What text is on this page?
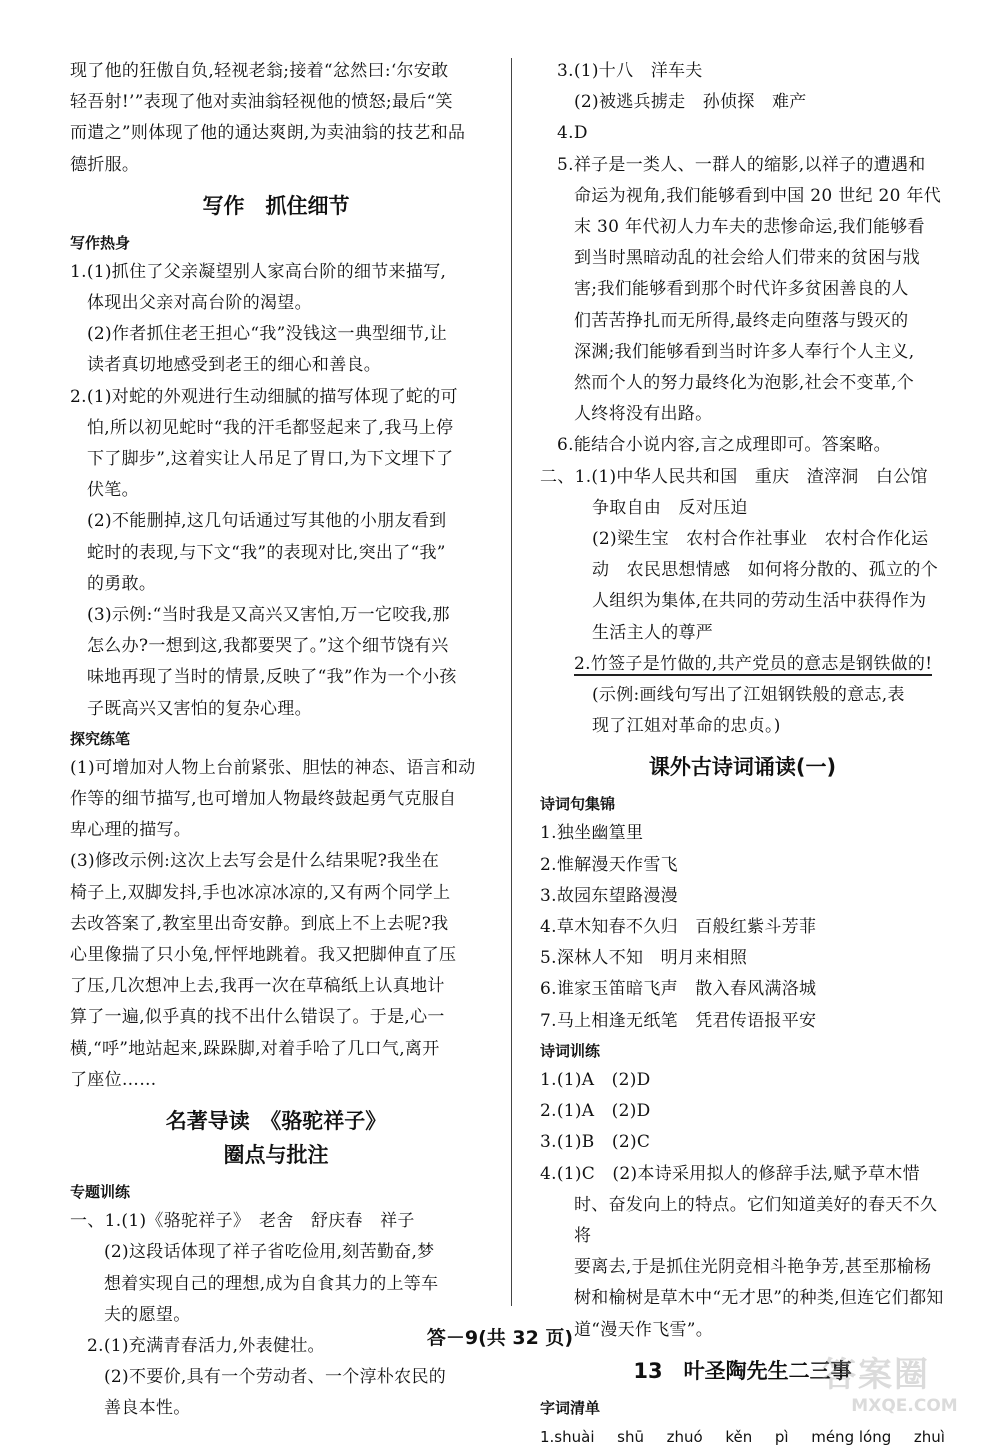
现了他的狂傲自负,轻视老翁;接着“忿然曰:‘尔安敢

轻吾射!’”表现了他对卖油翁轻视他的愤怒;最后“笑

而遣之”则体现了他的通达爽朗,为卖油翁的技艺和品

德折服。

写作　抓住细节
写作热身

1.(1)抓住了父亲凝望别人家高台阶的细节来描写,

体现出父亲对高台阶的渴望。

(2)作者抓住老王担心“我”没钱这一典型细节,让

读者真切地感受到老王的细心和善良。

2.(1)对蛇的外观进行生动细腻的描写体现了蛇的可

怕,所以初见蛇时“我的汗毛都竖起来了,我马上停

下了脚步”,这着实让人吊足了胃口,为下文埋下了

伏笔。

(2)不能删掉,这几句话通过写其他的小朋友看到

蛇时的表现,与下文“我”的表现对比,突出了“我”

的勇敢。

(3)示例:“当时我是又高兴又害怕,万一它咬我,那

怎么办?一想到这,我都要哭了。”这个细节饶有兴

味地再现了当时的情景,反映了“我”作为一个小孩

子既高兴又害怕的复杂心理。

探究练笔

(1)可增加对人物上台前紧张、胆怯的神态、语言和动

作等的细节描写,也可增加人物最终鼓起勇气克服自

卑心理的描写。

(3)修改示例:这次上去写会是什么结果呢?我坐在

椅子上,双脚发抖,手也冰凉冰凉的,又有两个同学上

去改答案了,教室里出奇安静。到底上不上去呢?我

心里像揣了只小兔,怦怦地跳着。我又把脚伸直了压

了压,几次想冲上去,我再一次在草稿纸上认真地计

算了一遍,似乎真的找不出什么错误了。于是,心一

横,“呼”地站起来,跺跺脚,对着手哈了几口气,离开

了座位……

名著导读　《骆驼祥子》
圈点与批注
专题训练

一、1.(1)《骆驼祥子》　老舍　舒庆春　祥子

(2)这段话体现了祥子省吃俭用,刻苦勤奋,梦

想着实现自己的理想,成为自食其力的上等车

夫的愿望。

2.(1)充满青春活力,外表健壮。

(2)不要价,具有一个劳动者、一个淳朴农民的

善良本性。

3.(1)十八　洋车夫

(2)被逃兵掳走　孙侦探　难产

4.D

5.祥子是一类人、一群人的缩影,以祥子的遭遇和

命运为视角,我们能够看到中国 20 世纪 20 年代

末 30 年代初人力车夫的悲惨命运,我们能够看

到当时黑暗动乱的社会给人们带来的贫困与戕

害;我们能够看到那个时代许多贫困善良的人

们苦苦挣扎而无所得,最终走向堕落与毁灭的

深渊;我们能够看到当时许多人奉行个人主义,

然而个人的努力最终化为泡影,社会不变革,个

人终将没有出路。

6.能结合小说内容,言之成理即可。答案略。

二、1.(1)中华人民共和国　重庆　渣滓洞　白公馆

争取自由　反对压迫

(2)梁生宝　农村合作社事业　农村合作化运

动　农民思想情感　如何将分散的、孤立的个

人组织为集体,在共同的劳动生活中获得作为

生活主人的尊严

2.竹签子是竹做的,共产党员的意志是钢铁做的!

(示例:画线句写出了江姐钢铁般的意志,表

现了江姐对革命的忠贞。)

课外古诗词诵读(一)
诗词句集锦

1.独坐幽篁里

2.惟解漫天作雪飞

3.故园东望路漫漫

4.草木知春不久归　百般红紫斗芳菲

5.深林人不知　明月来相照

6.谁家玉笛暗飞声　散入春风满洛城

7.马上相逢无纸笔　凭君传语报平安

诗词训练

1.(1)A　(2)D

2.(1)A　(2)D

3.(1)B　(2)C

4.(1)C　(2)本诗采用拟人的修辞手法,赋予草木惜

时、奋发向上的特点。它们知道美好的春天不久将

要离去,于是抓住光阴竞相斗艳争芳,甚至那榆杨

树和榆树是草木中“无才思”的种类,但连它们都知

道“漫天作飞雪”。

13　叶圣陶先生二三事
字词清单
1.shuài shū zhuó kěn pì méng lóng zhuì
答－9(共 32 页)
答案圈
MXQE.COM
